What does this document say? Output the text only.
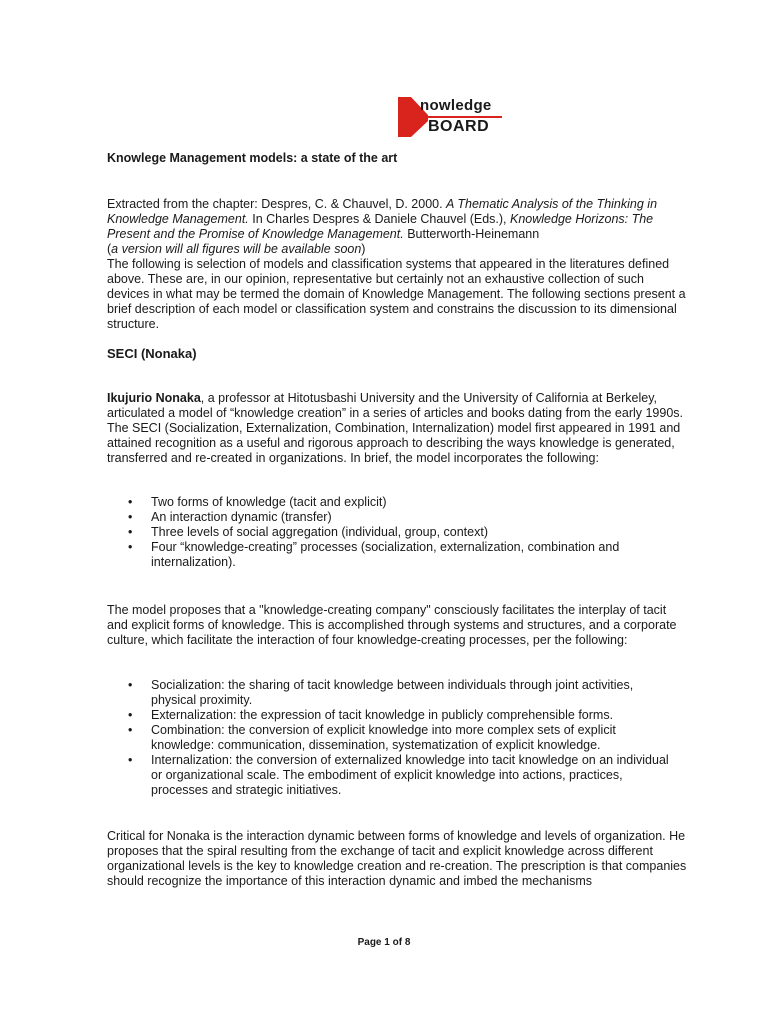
nowledge
BOARD
Knowlege Management models: a state of the art
Extracted from the chapter: Despres, C. & Chauvel, D. 2000. A Thematic Analysis of the Thinking in Knowledge Management. In Charles Despres & Daniele Chauvel (Eds.), Knowledge Horizons: The Present and the Promise of Knowledge Management. Butterworth-Heinemann
(a version will all figures will be available soon)
The following is selection of models and classification systems that appeared in the literatures defined above. These are, in our opinion, representative but certainly not an exhaustive collection of such devices in what may be termed the domain of Knowledge Management. The following sections present a brief description of each model or classification system and constrains the discussion to its dimensional structure.
SECI (Nonaka)
Ikujurio Nonaka, a professor at Hitotusbashi University and the University of California at Berkeley, articulated a model of “knowledge creation” in a series of articles and books dating from the early 1990s. The SECI (Socialization, Externalization, Combination, Internalization) model first appeared in 1991 and attained recognition as a useful and rigorous approach to describing the ways knowledge is generated, transferred and re-created in organizations. In brief, the model incorporates the following:
• Two forms of knowledge (tacit and explicit)
• An interaction dynamic (transfer)
• Three levels of social aggregation (individual, group, context)
• Four “knowledge-creating” processes (socialization, externalization, combination and internalization).
The model proposes that a "knowledge-creating company" consciously facilitates the interplay of tacit and explicit forms of knowledge. This is accomplished through systems and structures, and a corporate culture, which facilitate the interaction of four knowledge-creating processes, per the following:
• Socialization: the sharing of tacit knowledge between individuals through joint activities, physical proximity.
• Externalization: the expression of tacit knowledge in publicly comprehensible forms.
• Combination: the conversion of explicit knowledge into more complex sets of explicit knowledge: communication, dissemination, systematization of explicit knowledge.
• Internalization: the conversion of externalized knowledge into tacit knowledge on an individual or organizational scale. The embodiment of explicit knowledge into actions, practices, processes and strategic initiatives.
Critical for Nonaka is the interaction dynamic between forms of knowledge and levels of organization. He proposes that the spiral resulting from the exchange of tacit and explicit knowledge across different organizational levels is the key to knowledge creation and re-creation. The prescription is that companies should recognize the importance of this interaction dynamic and imbed the mechanisms
Page 1 of 8
